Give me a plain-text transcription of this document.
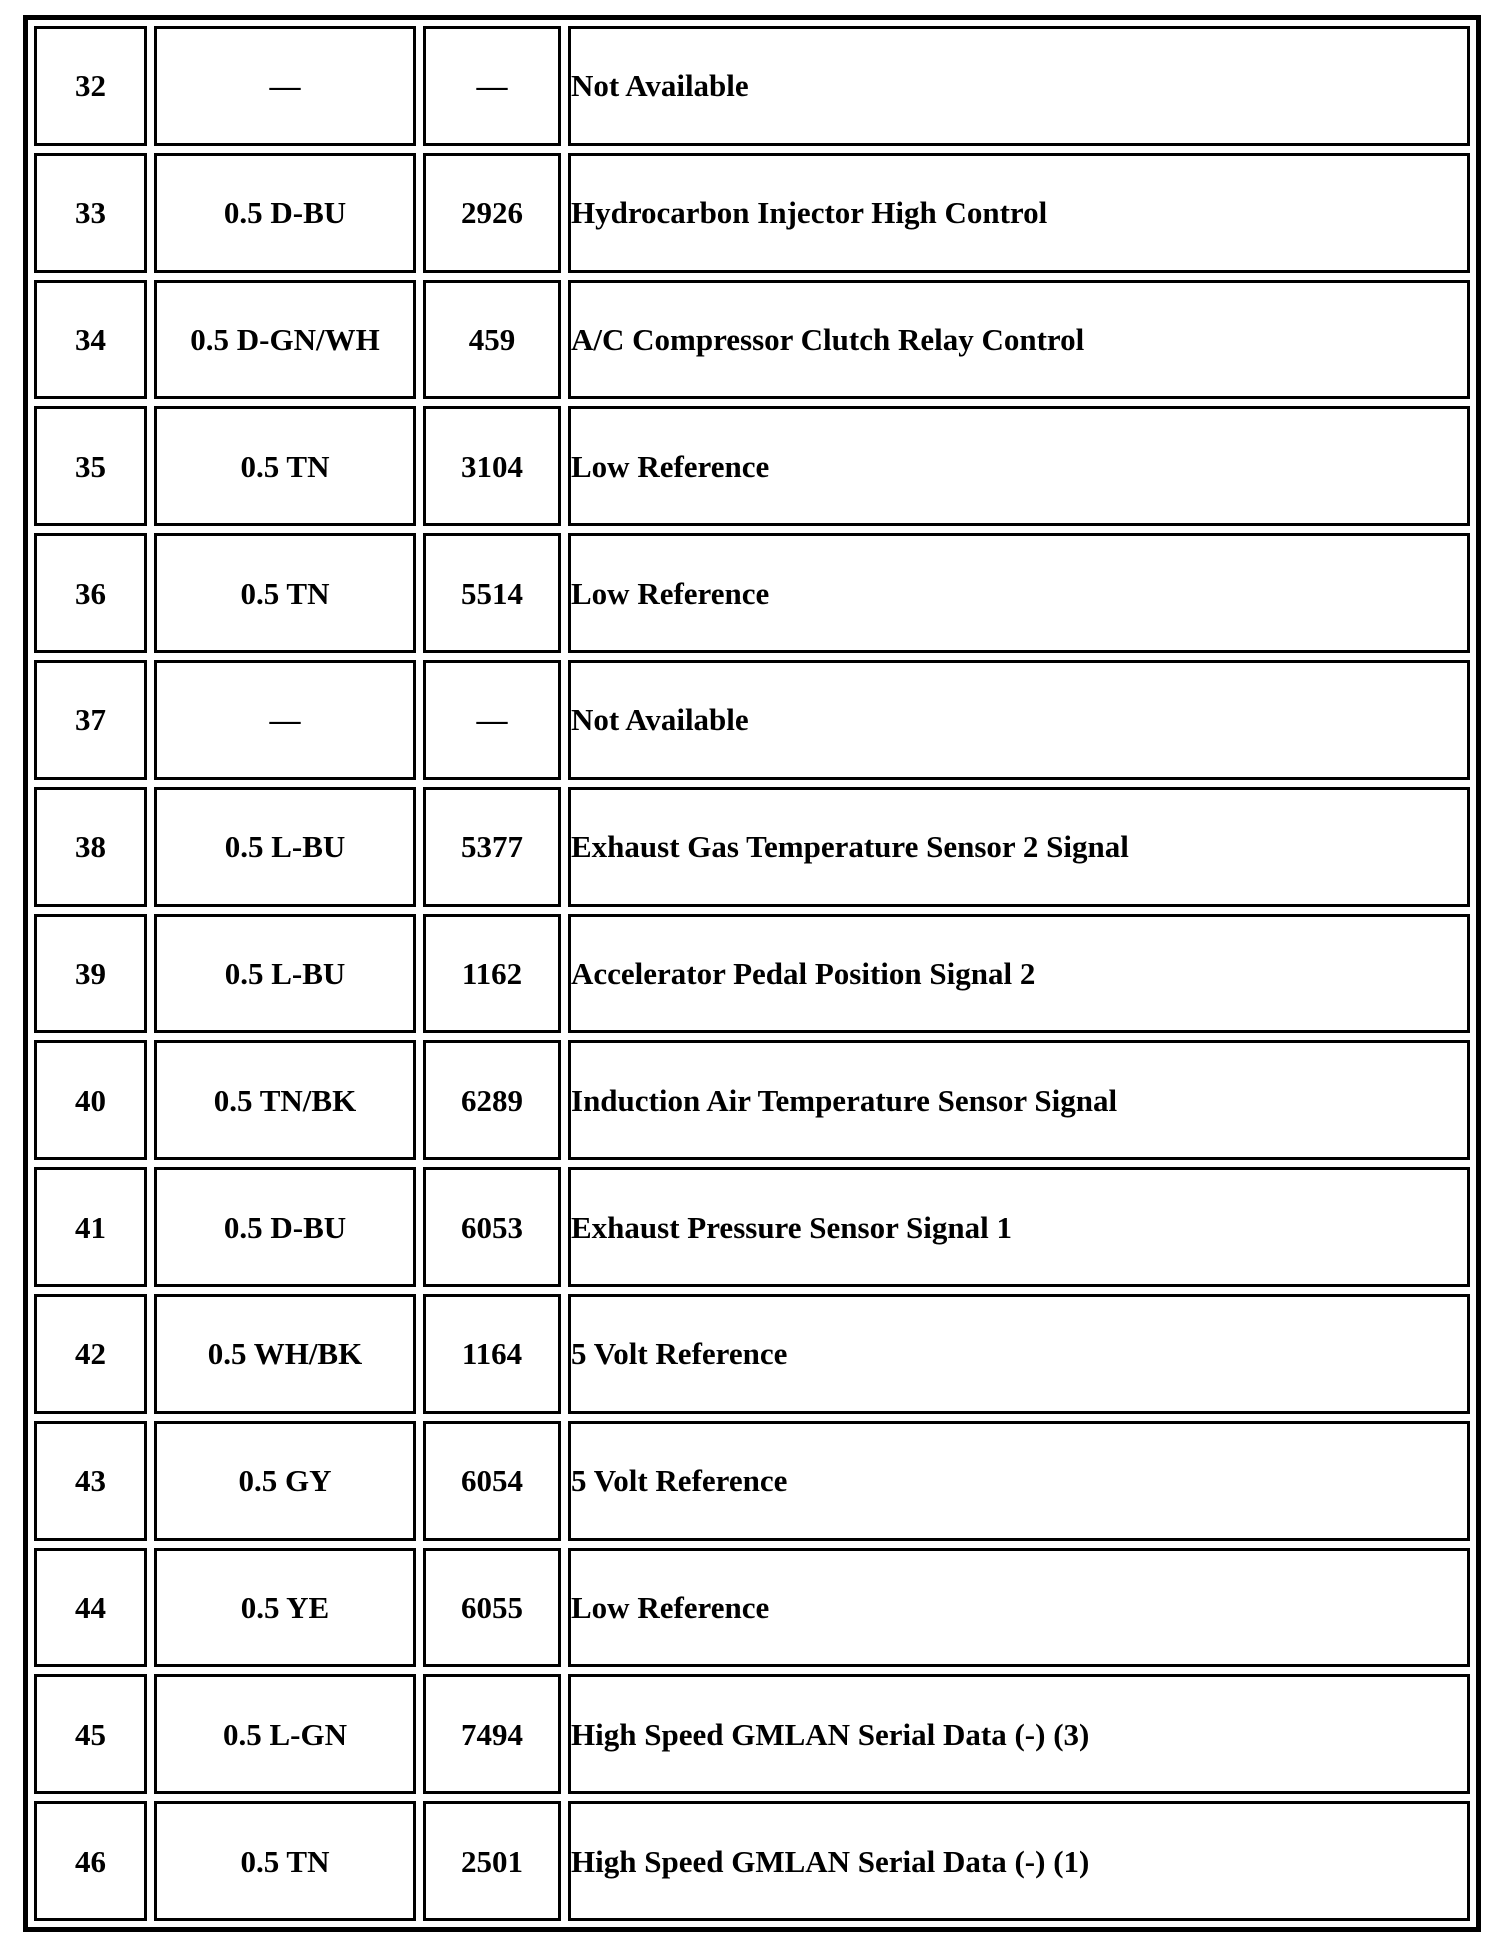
32	—	—	Not Available
33	0.5 D-BU	2926	Hydrocarbon Injector High Control
34	0.5 D-GN/WH	459	A/C Compressor Clutch Relay Control
35	0.5 TN	3104	Low Reference
36	0.5 TN	5514	Low Reference
37	—	—	Not Available
38	0.5 L-BU	5377	Exhaust Gas Temperature Sensor 2 Signal
39	0.5 L-BU	1162	Accelerator Pedal Position Signal 2
40	0.5 TN/BK	6289	Induction Air Temperature Sensor Signal
41	0.5 D-BU	6053	Exhaust Pressure Sensor Signal 1
42	0.5 WH/BK	1164	5 Volt Reference
43	0.5 GY	6054	5 Volt Reference
44	0.5 YE	6055	Low Reference
45	0.5 L-GN	7494	High Speed GMLAN Serial Data (-) (3)
46	0.5 TN	2501	High Speed GMLAN Serial Data (-) (1)
